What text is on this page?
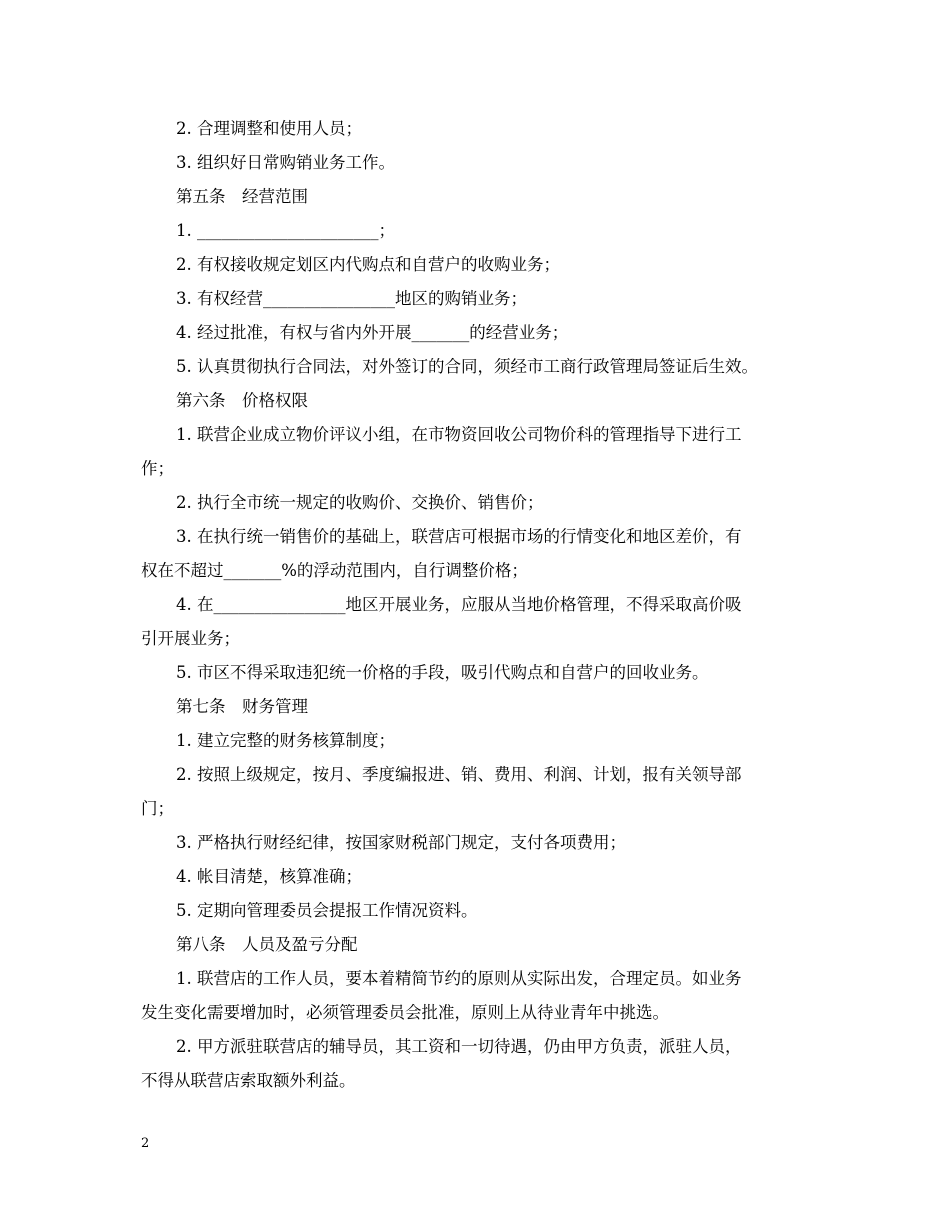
2. 合理调整和使用人员；
3. 组织好日常购销业务工作。
第五条　经营范围
1. ______________________；
2. 有权接收规定划区内代购点和自营户的收购业务；
3. 有权经营________________地区的购销业务；
4. 经过批准，有权与省内外开展_______的经营业务；
5. 认真贯彻执行合同法，对外签订的合同，须经市工商行政管理局签证后生效。
第六条　价格权限
1. 联营企业成立物价评议小组，在市物资回收公司物价科的管理指导下进行工
作；
2. 执行全市统一规定的收购价、交换价、销售价；
3. 在执行统一销售价的基础上，联营店可根据市场的行情变化和地区差价，有
权在不超过_______%的浮动范围内，自行调整价格；
4. 在________________地区开展业务，应服从当地价格管理，不得采取高价吸
引开展业务；
5. 市区不得采取违犯统一价格的手段，吸引代购点和自营户的回收业务。
第七条　财务管理
1. 建立完整的财务核算制度；
2. 按照上级规定，按月、季度编报进、销、费用、利润、计划，报有关领导部
门；
3. 严格执行财经纪律，按国家财税部门规定，支付各项费用；
4. 帐目清楚，核算准确；
5. 定期向管理委员会提报工作情况资料。
第八条　人员及盈亏分配
1. 联营店的工作人员，要本着精简节约的原则从实际出发，合理定员。如业务
发生变化需要增加时，必须管理委员会批准，原则上从待业青年中挑选。
2. 甲方派驻联营店的辅导员，其工资和一切待遇，仍由甲方负责，派驻人员，
不得从联营店索取额外利益。
2
